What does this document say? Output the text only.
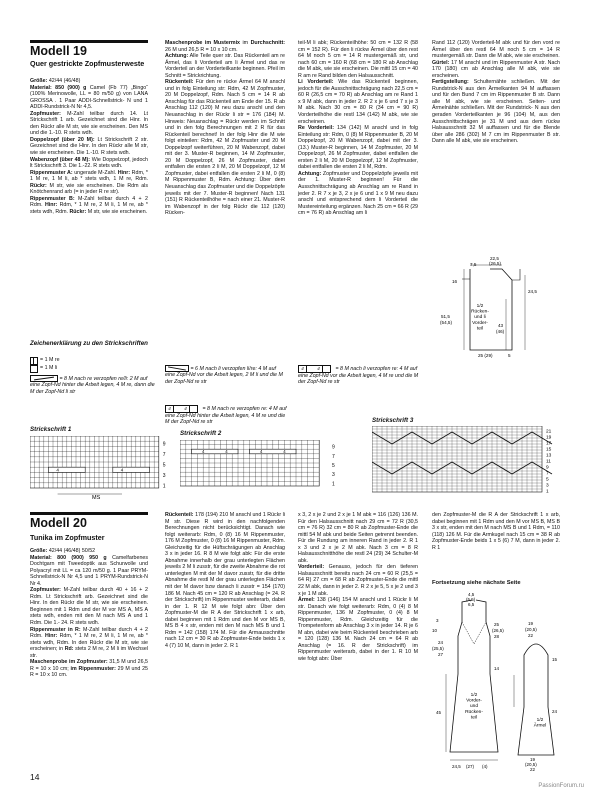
Modell 19
Quer gestrickte Zopfmusterweste
Größe: 42/44 (46/48)
Material: 850 (900) g Camel (Fb 77) „Bingo“ (100% Merinowolle, LL = 80 m/50 g) von LANA GROSSA . 1 Paar ADDI-Schnellstrick- N und 1 ADDI-Rundstrick-N Nr 4,5.
Zopfmuster: M-Zahl teilbar durch 14. Lt Strickschrift 1 arb. Gezeichnet sind die Hinr. In den Rückr alle M str, wie sie erscheinen. Den MS und die 1.-10. R stets wdh.
Doppelzopf (über 20 M): Lt Strickschrift 2 str. Gezeichnet sind die Hinr. In den Rückr alle M str, wie sie erscheinen. Die 1.-10. R stets wdh.
Wabenzopf (über 48 M): Wie Doppelzopf, jedoch lt Strickschrift 3. Die 1.-22. R stets wdh.
Rippenmuster A: ungerade M-Zahl. Hinr: Rdm, * 1 M re, 1 M li, ab * stets wdh, 1 M re, Rdm. Rückr: M str, wie sie erscheinen. Die Rdm als Knötchenrand arb (= in jeder R re str).
Rippenmuster B: M-Zahl teilbar durch 4 + 2 Rdm. Hinr: Rdm, * 1 M re, 2 M li, 1 M re, ab * stets wdh, Rdm. Rückr: M str, wie sie erscheinen.
Maschenprobe im Mustermix im Durchschnitt: 26 M und 26,5 R = 10 x 10 cm.
Achtung: Alle Teile quer str. Das Rückenteil am re Ärmel, das li Vorderteil am li Ärmel und das re Vorderteil an der Vorderteilkante beginnen. Pfeil im Schnitt = Strickrichtung.
Rückenteil: Für den re rücke Ärmel 64 M anschl und in folg Einteilung str: Rdm, 42 M Zopfmuster, 20 M Doppelzopf, Rdm. Nach 5 cm = 14 R ab Anschlag für das Rückenteil am Ende der 15. R ab Anschlag 112 (120) M neu dazu anschl und den Neuanschlag in der Rückr li str = 176 (184) M. Hinweis: Neuanschlag = Rückr werden im Schnitt und in den folg Berechnungen mit 2 R für das Rückenteil berechnet! In der folg Hinr die M wie folgt einteilen: Rdm, 42 M Zopfmuster und 20 M Doppelzopf weiterführen, 20 M Wabenzopf, dabei mit der 3. Muster-R beginnen, 14 M Zopfmuster, 20 M Doppelzopf, 26 M Zopfmuster, dabei entfallen die ersten 2 li M, 20 M Doppelzopf, 12 M Zopfmuster, dabei entfallen die ersten 2 li M, 0 (8) M Rippenmuster B, Rdm. Achtung: Über dem Neuanschlag das Zopfmuster und die Doppelzöpfe jeweils mit der 7. Muster-R beginnen! Nach 131 (151) R Rückenteilhöhe = nach einer 21. Muster-R im Wabenzopf in der folg Rückr die 112 (120) Rücken-
teil-M li abk; Rückenteilhöhe: 50 cm = 132 R (58 cm = 152 R). Für den li rückw Ärmel über den rest 64 M noch 5 cm = 14 R mustergemäß str, und nach 60 cm = 160 R (68 cm = 180 R ab Anschlag die M abk, wie sie erscheinen. Die mittl 15 cm = 40 R am re Rand bilden den Halsausschnitt.
Li Vorderteil: Wie das Rückenteil beginnen, jedoch für die Ausschnittschrägung nach 22,5 cm = 60 R (26,5 cm = 70 R) ab Anschlag am re Rand 1 x 9 M abk, dann in jeder 2. R 2 x je 6 und 7 x je 3 M abk. Nach 30 cm = 80 R (34 cm = 90 R) Vorderteilhöhe die restl 134 (142) M abk, wie sie erscheinen.
Re Vorderteil: 134 (142) M anschl und in folg Einteilung str: Rdm, 0 (8) M Rippenmuster B, 20 M Doppelzopf, 20 M Wabenzopf, dabei mit der 3. (13.) Muster-R beginnen, 14 M Zopfmuster, 20 M Doppelzopf, 26 M Zopfmuster, dabei entfallen die ersten 2 li M, 20 M Doppelzopf, 12 M Zopfmuster, dabei entfallen die ersten 2 li M, Rdm.
Achtung: Zopfmuster und Doppelzöpfe jeweils mit der 1. Muster-R beginnen! Für die Ausschnittschrägung ab Anschlag am re Rand in jeder 2. R 7 x je 3, 2 x je 6 und 1 x 9 M neu dazu anschl und entsprechend dem li Vorderteil die Mustereinteilung ergänzen. Nach 25 cm = 66 R (29 cm = 76 R) ab Anschlag am li
Rand 112 (120) Vorderteil-M abk und für den vord re Ärmel über den restl 64 M noch 5 cm = 14 R mustergemäß str. Dann die M abk, wie sie erscheinen.
Gürtel: 17 M anschl und im Rippenmuster A str. Nach 170 (180) cm ab Anschlag alle M abk, wie sie erscheinen.
Fertigstellung: Schulternähte schließen. Mit der Rundstrick-N aus den Ärmelkanten 94 M auffassen und für den Bund 7 cm im Rippenmuster B str. Dann alle M abk, wie sie erscheinen. Seiten- und Ärmelnähte schließen. Mit der Rundstrick- N aus den geraden Vorderteilkanten je 96 (104) M, aus den Ausschnittschrägen je 31 M und aus dem rückw Halsausschnitt 32 M auffassen und für die Blende über alle 286 (302) M 7 cm im Rippenmuster B str. Dann alle M abk, wie sie erscheinen.
Zeichenerklärung zu den Strickschriften
= 1 M re
= 1 M li
= 8 M nach re verzopfen re/li: 2 M auf eine Zopf-Nd hinter die Arbeit legen, 4 M re, dann die M der Zopf-Nd li str
4	4	= 8 M nach re verzopfen re: 4 M auf eine Zopf-Nd hinter die Arbeit legen, 4 M re und die M der Zopf-Nd re str
= 6 M nach li verzopfen li/re: 4 M auf eine Zopf-Nd vor die Arbeit legen, 2 M li und die M der Zopf-Nd re str
4	4	= 8 M nach li verzopfen re: 4 M auf eine Zopf-Nd vor die Arbeit legen, 4 M re und die M der Zopf-Nd re str
Strickschrift 1
4	4
9
7
5
3
1
MS
Strickschrift 2
4	4	4	4
Strickschrift 3
21
19
17
15
13
11
9
7
5
3
1
9
7
5
3
1
22,5
(26,5)
7,5
16
24,5
51,5
(54,5)
43
(46)
1/2 Rücken-und li Vorder-teil
25 (29)	5
Modell 20
Tunika im Zopfmuster
Größe: 42/44 (46/48) 50/52
Material: 800 (900) 950 g Camelfarbenes Dochtgarn mit Tweedoptik aus Schurwolle und Polyacryl mit LL = ca 120 m/50 g. 1 Paar PRYM-Schnellstrick-N Nr 4,5 und 1 PRYM-Rundstrick-N Nr 4.
Zopfmuster: M-Zahl teilbar durch 40 + 16 + 2 Rdm. Lt Strickschrift arb. Gezeichnet sind die Hinr. In den Rückr die M str, wie sie erscheinen. Beginnen mit 1 Rdm und der M vor MS A, MS A stets wdh, enden mit den M nach MS A und 1 Rdm. Die 1.- 24. R stets wdh.
Rippenmuster in R: M-Zahl teilbar durch 4 + 2 Rdm. Hinr: Rdm, * 1 M re, 2 M li, 1 M re, ab * stets wdh, Rdm. In den Rückr die M str, wie sie erscheinen; in Rd: stets 2 M re, 2 M li im Wechsel str.
Maschenprobe im Zopfmuster: 31,5 M und 26,5 R = 10 x 10 cm; im Rippenmuster: 29 M und 25 R = 10 x 10 cm.
Rückenteil: 178 (194) 210 M anschl und 1 Rückr li M str. Diese R wird in den nachfolgenden Berechnungen nicht berücksichtigt. Danach wie folgt weiterarb: Rdm, 0 (8) 16 M Rippenmuster, 176 M Zopfmuster, 0 (8) 16 M Rippenmuster, Rdm. Gleichzeitig für die Hüftschrägungen ab Anschlag 3 x in jeder 16. R 8 M wie folgt abk: Für die erste Abnahme innerhalb der grau unterlegten Flächen jeweils 2 M li zusstr, für die zweite Abnahme die rot unterlegten M mit der M davor zusstr, für die dritte Abnahme die restl M der grau unterlegten Flächen mit der M davor bzw danach li zusstr = 154 (170) 186 M. Nach 45 cm = 120 R ab Anschlag (= 24. R der Strickschrift) im Rippenmuster weiterarb, dabei in der 1. R 12 M wie folgt abn: Über den Zopfmuster-M die R A der Strickschrift 1 x arb, dabei beginnen mit 1 Rdm und den M vor MS B, MS B 4 x str, enden mit den M nach MS B und 1 Rdm = 142 (158) 174 M. Für die Armausschnitte nach 12 cm = 30 R ab Zopfmuster-Ende beids 1 x 4 (7) 10 M, dann in jeder 2. R 1
x 3, 2 x je 2 und 2 x je 1 M abk = 116 (126) 136 M. Für den Halsausschnitt nach 29 cm = 72 R (30,5 cm = 76 R) 32 cm = 80 R ab Zopfmuster-Ende die mittl 54 M abk und beide Seiten getrennt beenden. Für die Rundung am inneren Rand in jeder 2. R 1 x 3 und 2 x je 2 M abk. Nach 3 cm = 8 R Halsausschnitthöhe die restl 24 (29) 34 Schulter-M abk.
Vorderteil: Genauso, jedoch für den tieferen Halsausschnitt bereits nach 24 cm = 60 R (25,5 = 64 R) 27 cm = 68 R ab Zopfmuster-Ende die mittl 22 M abk, dann in jeder 2. R 2 x je 5, 5 x je 2 und 3 x je 1 M abk.
Ärmel: 138 (146) 154 M anschl und 1 Rückr li M str. Danach wie folgt weiterarb: Rdm, 0 (4) 8 M Rippenmuster, 136 M Zopfmuster, 0 (4) 8 M Rippenmuster, Rdm. Gleichzeitig für die Trompetenform ab Anschlag 3 x in jeder 14. R je 6 M abn, dabei wie beim Rückenteil beschrieben arb = 120 (128) 136 M. Nach 24 cm = 64 R ab Anschlag (= 16. R der Strickschrift) im Rippenmuster weiterarb, dabei in der 1. R 10 M wie folgt abn: Über
den Zopfmuster-M die R A der Strickschrift 1 x arb, dabei beginnen mit 1 Rdm und den M vor MS B, MS B 3 x str, enden mit den M nach MS B und 1 Rdm, = 110 (118) 126 M. Für die Armkugel nach 15 cm = 38 R ab Zopfmuster-Ende beids 1 x 5 (6) 7 M, dann in jeder 2. R 1
Fortsetzung siehe nächste Seite
4,5
(5,5)
6,5
3
10
24
(25,5)
27
25
(26,5)
28
14
45
1/2 Vorder-und Rücken-teil
24,5 (27) (4)
19
(20,5)
22
15
24
1/2 Ärmel
19
(20,5)
22
14
PassionForum.ru
